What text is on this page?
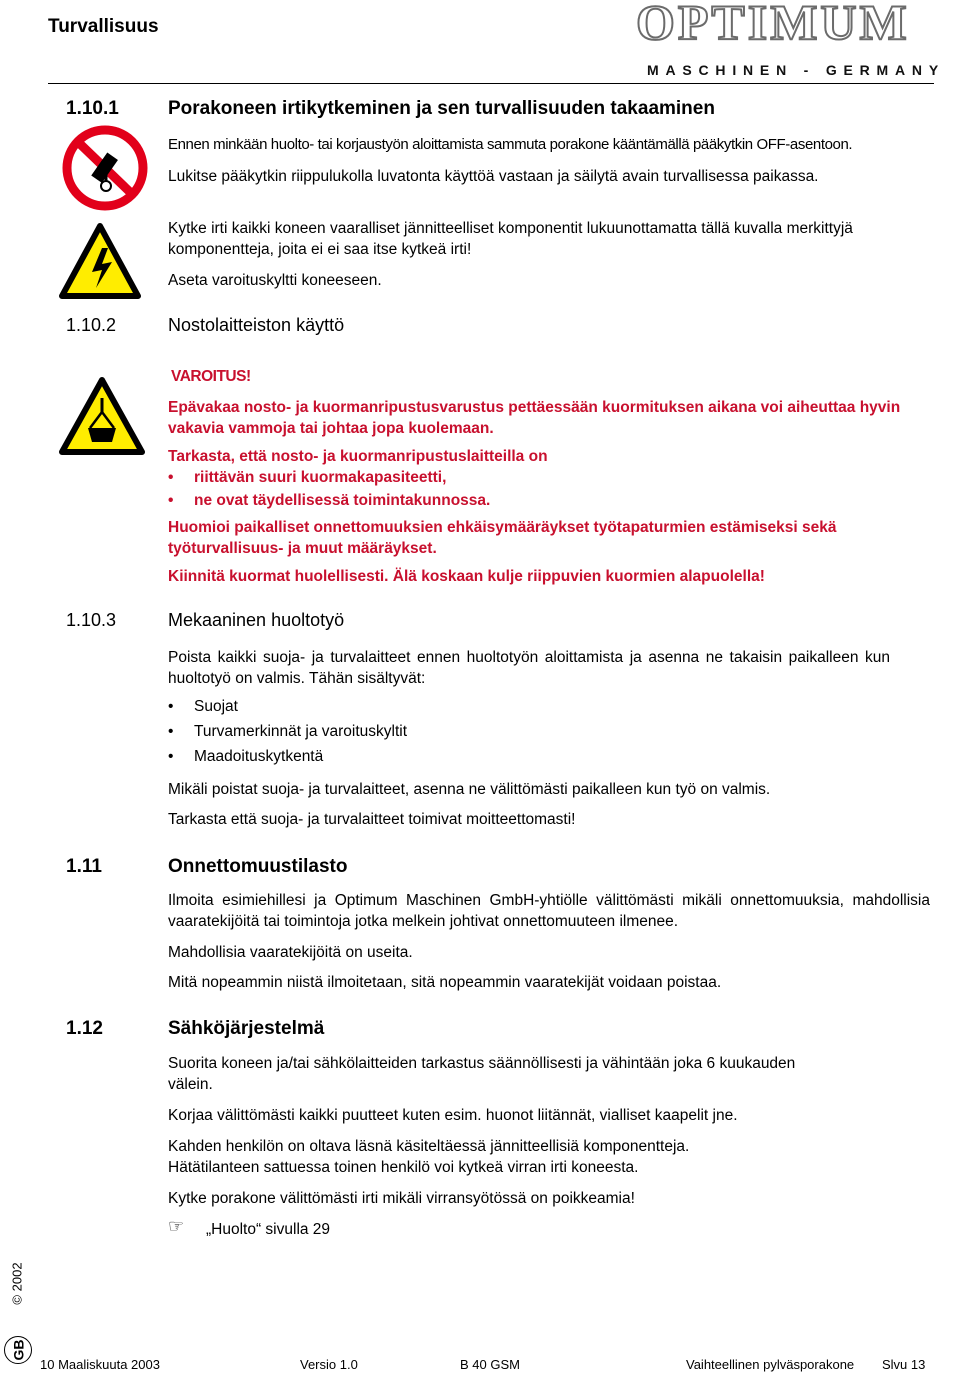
Turvallisuus	OPTIMUM
MASCHINEN - GERMANY
1.10.1	Porakoneen irtikytkeminen ja sen turvallisuuden takaaminen
Ennen minkään huolto- tai korjaustyön aloittamista sammuta porakone kääntämällä pääkytkin OFF-asentoon.
Lukitse pääkytkin riippulukolla luvatonta käyttöä vastaan ja säilytä avain turvallisessa paikassa.
Kytke irti kaikki koneen vaaralliset jännitteelliset komponentit lukuunottamatta tällä kuvalla merkittyjä komponentteja, joita ei ei saa itse kytkeä irti!
Aseta varoituskyltti koneeseen.
1.10.2	Nostolaitteiston käyttö
VAROITUS!
Epävakaa nosto- ja kuormanripustusvarustus pettäessään kuormituksen aikana voi aiheuttaa hyvin vakavia vammoja tai johtaa jopa kuolemaan.
Tarkasta, että nosto- ja kuormanripustuslaitteilla on
• riittävän suuri kuormakapasiteetti,
• ne ovat täydellisessä toimintakunnossa.
Huomioi paikalliset onnettomuuksien ehkäisymääräykset työtapaturmien estämiseksi sekä työturvallisuus- ja muut määräykset.
Kiinnitä kuormat huolellisesti. Älä koskaan kulje riippuvien kuormien alapuolella!
1.10.3	Mekaaninen huoltotyö
Poista kaikki suoja- ja turvalaitteet ennen huoltotyön aloittamista ja asenna ne takaisin paikalleen kun huoltotyö on valmis. Tähän sisältyvät:
• Suojat
• Turvamerkinnät ja varoituskyltit
• Maadoituskytkentä
Mikäli poistat suoja- ja turvalaitteet, asenna ne välittömästi paikalleen kun työ on valmis.
Tarkasta että suoja- ja turvalaitteet toimivat moitteettomasti!
1.11	Onnettomuustilasto
Ilmoita esimiehillesi ja Optimum Maschinen GmbH-yhtiölle välittömästi mikäli onnettomuuksia, mahdollisia vaaratekijöitä tai toimintoja jotka melkein johtivat onnettomuuteen ilmenee.
Mahdollisia vaaratekijöitä on useita.
Mitä nopeammin niistä ilmoitetaan, sitä nopeammin vaaratekijät voidaan poistaa.
1.12	Sähköjärjestelmä
Suorita koneen ja/tai sähkölaitteiden tarkastus säännöllisesti ja vähintään joka 6 kuukauden välein.
Korjaa välittömästi kaikki puutteet kuten esim. huonot liitännät, vialliset kaapelit jne.
Kahden henkilön on oltava läsnä käsiteltäessä jännitteellisiä komponentteja.
Hätätilanteen sattuessa toinen henkilö voi kytkeä virran irti koneesta.
Kytke porakone välittömästi irti mikäli virransyötössä on poikkeamia!
☞ „Huolto“ sivulla 29
© 2002
GB
10 Maaliskuuta 2003	Versio 1.0	B 40 GSM	Vaihteellinen pylväsporakone Slvu 13
